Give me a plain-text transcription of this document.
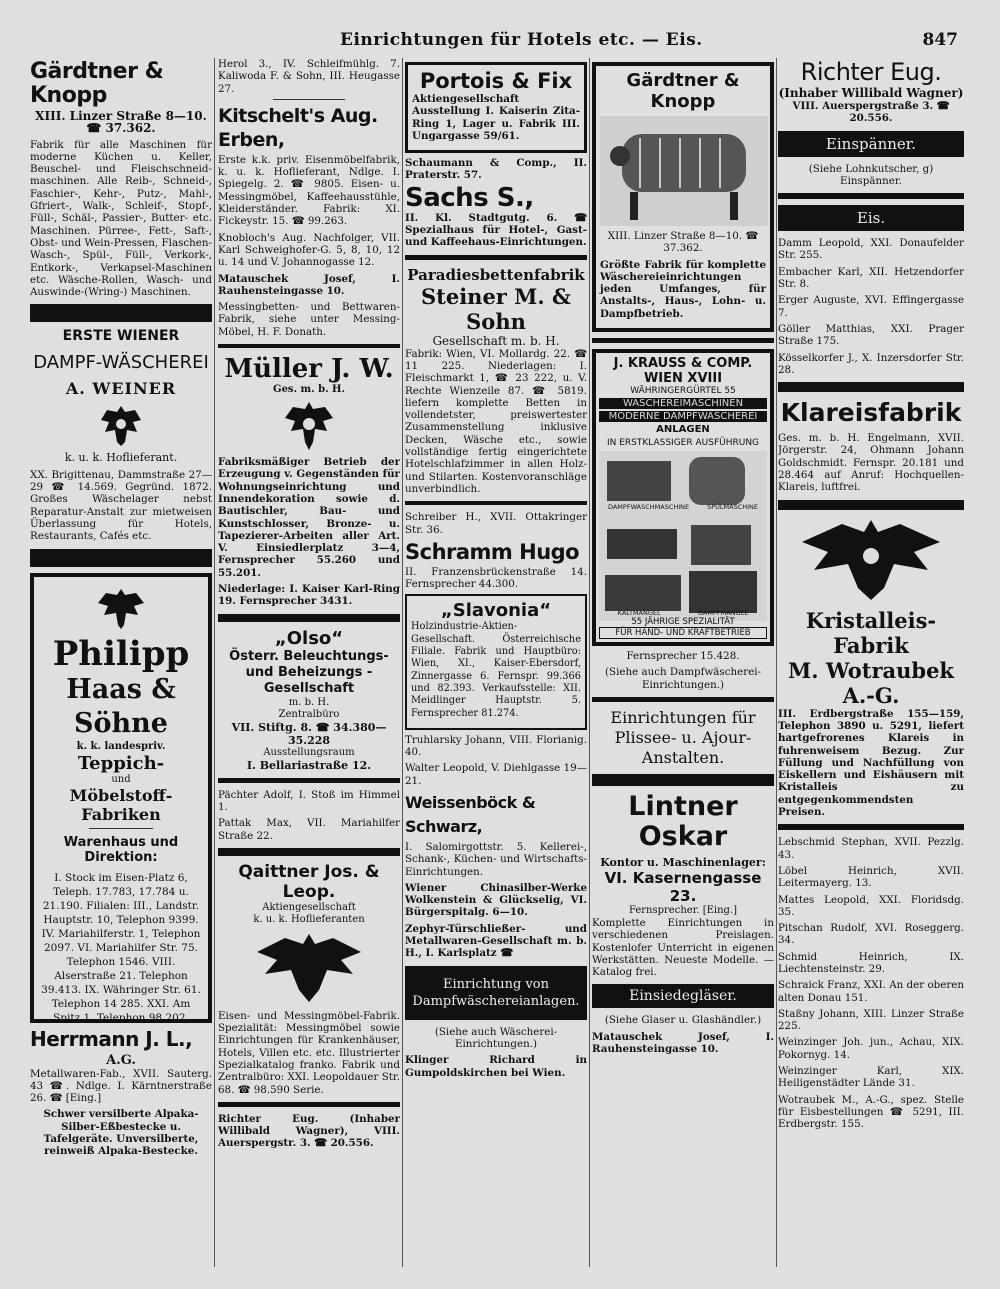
Einrichtungen für Hotels etc. — Eis.	847
Gärdtner & Knopp
XIII. Linzer Straße 8—10. ☎ 37.362.
Fabrik für alle Maschinen für moderne Küchen u. Keller, Beuschel- und Fleischschneid-maschinen. Alle Reib-, Schneid-, Faschier-, Kehr-, Putz-, Mahl-, Gfriert-, Walk-, Schleif-, Stopf-, Füll-, Schäl-, Passier-, Butter- etc. Maschinen. Pürree-, Fett-, Saft-, Obst- und Wein-Pressen, Flaschen-Wasch-, Spül-, Füll-, Verkork-, Entkork-, Verkapsel-Maschinen etc. Wäsche-Rollen, Wasch- und Auswinde-(Wring-) Maschinen.
ERSTE WIENER
DAMPF-WÄSCHEREI
A. WEINER
k. u. k. Hoflieferant.
XX. Brigittenau, Dammstraße 27—29 ☎ 14.569. Gegründ. 1872. Großes Wäschelager nebst Reparatur-Anstalt zur mietweisen Überlassung für Hotels, Restaurants, Cafés etc.
Philipp
Haas & Söhne
k. k. landespriv.
Teppich-
und
Möbelstoff-Fabriken
Warenhaus und Direktion:
I. Stock im Eisen-Platz 6, Teleph. 17.783, 17.784 u. 21.190. Filialen: III., Landstr. Hauptstr. 10, Telephon 9399. IV. Mariahilferstr. 1, Telephon 2097. VI. Mariahilfer Str. 75. Telephon 1546. VIII. Alserstraße 21. Telephon 39.413. IX. Währinger Str. 61. Telephon 14 285. XXI. Am Spitz 1. Telephon 98 202.
Herrmann J. L.,
A.G.
Metallwaren-Fab., XVII. Sauterg. 43 ☎. Ndlge. I. Kärntnerstraße 26. ☎ [Eing.]
Schwer versilberte Alpaka-Silber-Eßbestecke u. Tafelgeräte. Unversilberte, reinweiß Alpaka-Bestecke.
Herol 3., IV. Schleifmühlg. 7. Kaliwoda F. & Sohn, III. Heugasse 27.
Kitschelt's Aug. Erben,
Erste k.k. priv. Eisenmöbelfabrik, k. u. k. Hoflieferant, Ndlge. I. Spiegelg. 2. ☎ 9805. Eisen- u. Messingmöbel, Kaffeehausstühle, Kleiderständer. Fabrik: XI. Fickeystr. 15. ☎ 99.263.
Knobloch's Aug. Nachfolger, VII. Karl Schweighofer-G. 5, 8, 10, 12 u. 14 und V. Johannogasse 12.
Matauschek Josef, I. Rauhensteingasse 10.
Messingbetten- und Bettwaren-Fabrik, siehe unter Messing-Möbel, H. F. Donath.
Müller J. W.
Ges. m. b. H.
Fabriksmäßiger Betrieb der Erzeugung v. Gegenständen für Wohnungseinrichtung und Innendekoration sowie d. Bautischler, Bau- und Kunstschlosser, Bronze- u. Tapezierer-Arbeiten aller Art. V. Einsiedlerplatz 3—4, Fernsprecher 55.260 und 55.201.
Niederlage: I. Kaiser Karl-Ring 19. Fernsprecher 3431.
„Olso“
Österr. Beleuchtungs- und Beheizungs - Gesellschaft
m. b. H.
Zentralbüro
VII. Stiftg. 8. ☎ 34.380—35.228
Ausstellungsraum
I. Bellariastraße 12.
Pächter Adolf, I. Stoß im Himmel 1.
Pattak Max, VII. Mariahilfer Straße 22.
Qaittner Jos. & Leop.
Aktiengesellschaft
k. u. k. Hoflieferanten
Eisen- und Messingmöbel-Fabrik. Spezialität: Messingmöbel sowie Einrichtungen für Krankenhäuser, Hotels, Villen etc. etc. Illustrierter Spezialkatalog franko. Fabrik und Zentralbüro: XXI. Leopoldauer Str. 68. ☎ 98.590 Serie.
Richter Eug. (Inhaber Willibald Wagner), VIII. Auerspergstr. 3. ☎ 20.556.
Portois & Fix
Aktiengesellschaft Ausstellung I. Kaiserin Zita-Ring 1, Lager u. Fabrik III. Ungargasse 59/61.
Schaumann & Comp., II. Praterstr. 57.
Sachs S.,
II. Kl. Stadtgutg. 6. ☎ Spezialhaus für Hotel-, Gast- und Kaffeehaus-Einrichtungen.
Paradiesbettenfabrik
Steiner M. & Sohn
Gesellschaft m. b. H.
Fabrik: Wien, VI. Mollardg. 22. ☎ 11 225. Niederlagen: I. Fleischmarkt 1, ☎ 23 222, u. V. Rechte Wienzeile 87. ☎ 5819. liefern komplette Betten in vollendetster, preiswertester Zusammenstellung inklusive Decken, Wäsche etc., sowie vollständige fertig eingerichtete Hotelschlafzimmer in allen Holz- und Stilarten. Kostenvoranschläge unverbindlich.
Schreiber H., XVII. Ottakringer Str. 36.
Schramm Hugo
II. Franzensbrückenstraße 14. Fernsprecher 44.300.
„Slavonia“
Holzindustrie-Aktien-Gesellschaft. Österreichische Filiale. Fabrik und Hauptbüro: Wien, XI., Kaiser-Ebersdorf, Zinnergasse 6. Fernspr. 99.366 und 82.393. Verkaufsstelle: XII. Meidlinger Hauptstr. 5. Fernsprecher 81.274.
Truhlarsky Johann, VIII. Florianig. 40.
Walter Leopold, V. Diehlgasse 19—21.
Weissenböck & Schwarz,
I. Salomirgottstr. 5. Kellerei-, Schank-, Küchen- und Wirtschafts-Einrichtungen.
Wiener Chinasilber-Werke Wolkenstein & Glückselig, VI. Bürgerspitalg. 6—10.
Zephyr-Türschließer- und Metallwaren-Gesellschaft m. b. H., I. Karlsplatz ☎
Einrichtung von Dampfwäschereianlagen.
(Siehe auch Wäscherei-Einrichtungen.)
Klinger Richard in Gumpoldskirchen bei Wien.
Gärdtner & Knopp
XIII. Linzer Straße 8—10. ☎ 37.362.
Größte Fabrik für komplette Wäschereieinrichtungen jeden Umfanges, für Anstalts-, Haus-, Lohn- u. Dampfbetrieb.
J. KRAUSS & COMP. WIEN XVIII
WÄHRINGERGÜRTEL 55
WÄSCHEREIMASCHINEN
MODERNE DAMPFWÄSCHEREI
ANLAGEN
IN ERSTKLASSIGER AUSFÜHRUNG
DAMPFWASCHMASCHINE	SPÜLMASCHINE
KALTMANGEL	DAMPFMANGEL
55 JÄHRIGE SPEZIALITÄT
FÜR HAND- UND KRAFTBETRIEB
Fernsprecher 15.428.
(Siehe auch Dampfwäscherei-Einrichtungen.)
Einrichtungen für Plissee- u. Ajour-Anstalten.
Lintner Oskar
Kontor u. Maschinenlager:
VI. Kasernengasse 23.
Fernsprecher. [Eing.]
Komplette Einrichtungen in verschiedenen Preislagen. Kostenlofer Unterricht in eigenen Werkstätten. Neueste Modelle. — Katalog frei.
Einsiedegläser.
(Siehe Glaser u. Glashändler.)
Matauschek Josef, I. Rauhensteingasse 10.
Richter Eug.
(Inhaber Willibald Wagner)
VIII. Auerspergstraße 3. ☎ 20.556.
Einspänner.
(Siehe Lohnkutscher, g) Einspänner.
Eis.
Damm Leopold, XXI. Donaufelder Str. 255.
Embacher Karl, XII. Hetzendorfer Str. 8.
Erger Auguste, XVI. Effingergasse 7.
Göller Matthias, XXI. Prager Straße 175.
Kösselkorfer J., X. Inzersdorfer Str. 28.
Klareisfabrik
Ges. m. b. H. Engelmann, XVII. Jörgerstr. 24, Ohmann Johann Goldschmidt. Fernspr. 20.181 und 28.464 auf Anruf: Hochquellen-Klareis, luftfrei.
Kristalleis-Fabrik
M. Wotraubek A.-G.
III. Erdbergstraße 155—159, Telephon 3890 u. 5291, liefert hartgefrorenes Klareis in fuhrenweisem Bezug. Zur Füllung und Nachfüllung von Eiskellern und Eishäusern mit Kristalleis zu entgegenkommendsten Preisen.
Lebschmid Stephan, XVII. Pezzlg. 43.
Löbel Heinrich, XVII. Leitermayerg. 13.
Mattes Leopold, XXI. Floridsdg. 35.
Pitschan Rudolf, XVI. Roseggerg. 34.
Schmid Heinrich, IX. Liechtensteinstr. 29.
Schraick Franz, XXI. An der oberen alten Donau 151.
Staßny Johann, XIII. Linzer Straße 225.
Weinzinger Joh. jun., Achau, XIX. Pokornyg. 14.
Weinzinger Karl, XIX. Heiligenstädter Lände 31.
Wotraubek M., A.-G., spez. Stelle für Eisbestellungen ☎ 5291, III. Erdbergstr. 155.
